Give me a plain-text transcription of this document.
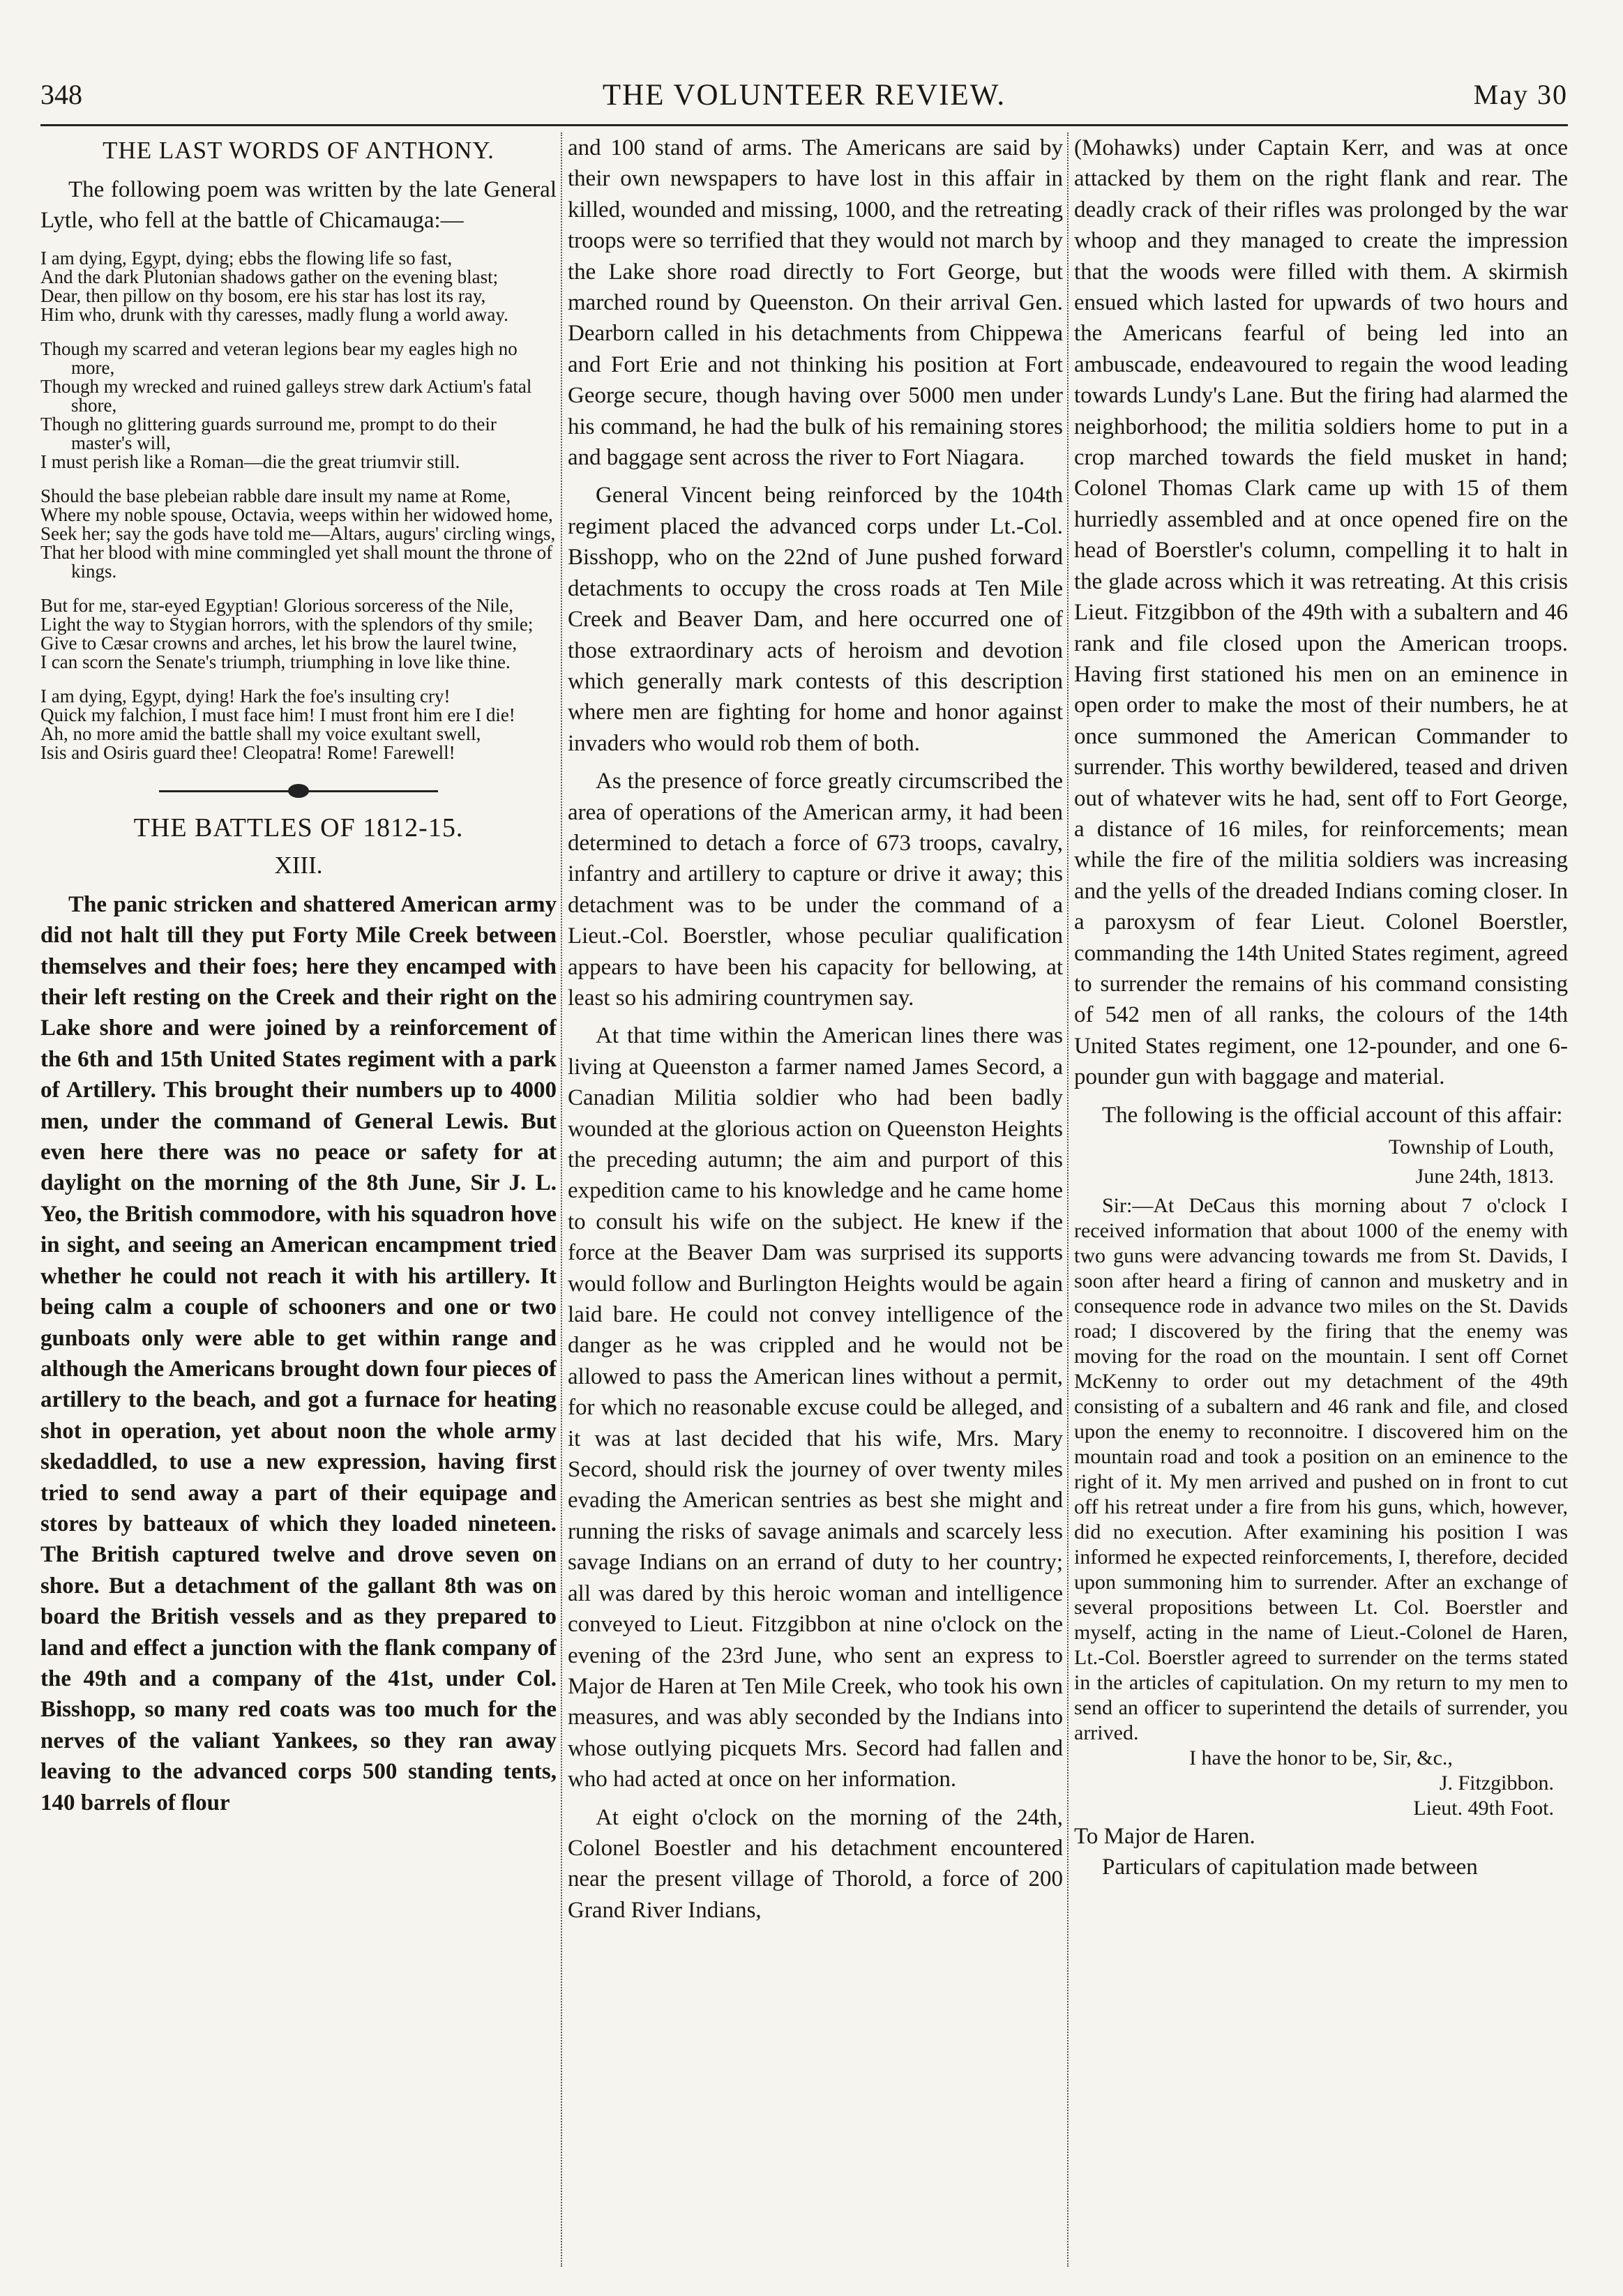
348	THE VOLUNTEER REVIEW.	May 30
THE LAST WORDS OF ANTHONY.

The following poem was written by the late General Lytle, who fell at the battle of Chicamauga:—

I am dying, Egypt, dying; ebbs the flowing life so fast,
And the dark Plutonian shadows gather on the evening blast;
Dear, then pillow on thy bosom, ere his star has lost its ray,
Him who, drunk with thy caresses, madly flung a world away.
Though my scarred and veteran legions bear my eagles high no more,
Though my wrecked and ruined galleys strew dark Actium's fatal shore,
Though no glittering guards surround me, prompt to do their master's will,
I must perish like a Roman—die the great triumvir still.
Should the base plebeian rabble dare insult my name at Rome,
Where my noble spouse, Octavia, weeps within her widowed home,
Seek her; say the gods have told me—Altars, augurs' circling wings,
That her blood with mine commingled yet shall mount the throne of kings.
But for me, star-eyed Egyptian! Glorious sorceress of the Nile,
Light the way to Stygian horrors, with the splendors of thy smile;
Give to Cæsar crowns and arches, let his brow the laurel twine,
I can scorn the Senate's triumph, triumphing in love like thine.
I am dying, Egypt, dying! Hark the foe's insulting cry!
Quick my falchion, I must face him! I must front him ere I die!
Ah, no more amid the battle shall my voice exultant swell,
Isis and Osiris guard thee! Cleopatra! Rome! Farewell!
THE BATTLES OF 1812-15.
XIII.

The panic stricken and shattered American army did not halt till they put Forty Mile Creek between themselves and their foes; here they encamped with their left resting on the Creek and their right on the Lake shore and were joined by a reinforcement of the 6th and 15th United States regiment with a park of Artillery. This brought their numbers up to 4000 men, under the command of General Lewis. But even here there was no peace or safety for at daylight on the morning of the 8th June, Sir J. L. Yeo, the British commodore, with his squadron hove in sight, and seeing an American encampment tried whether he could not reach it with his artillery. It being calm a couple of schooners and one or two gunboats only were able to get within range and although the Americans brought down four pieces of artillery to the beach, and got a furnace for heating shot in operation, yet about noon the whole army skedaddled, to use a new expression, having first tried to send away a part of their equipage and stores by batteaux of which they loaded nineteen. The British captured twelve and drove seven on shore. But a detachment of the gallant 8th was on board the British vessels and as they prepared to land and effect a junction with the flank company of the 49th and a company of the 41st, under Col. Bisshopp, so many red coats was too much for the nerves of the valiant Yankees, so they ran away leaving to the advanced corps 500 standing tents, 140 barrels of flour

and 100 stand of arms. The Americans are said by their own newspapers to have lost in this affair in killed, wounded and missing, 1000, and the retreating troops were so terrified that they would not march by the Lake shore road directly to Fort George, but marched round by Queenston. On their arrival Gen. Dearborn called in his detachments from Chippewa and Fort Erie and not thinking his position at Fort George secure, though having over 5000 men under his command, he had the bulk of his remaining stores and baggage sent across the river to Fort Niagara.

General Vincent being reinforced by the 104th regiment placed the advanced corps under Lt.-Col. Bisshopp, who on the 22nd of June pushed forward detachments to occupy the cross roads at Ten Mile Creek and Beaver Dam, and here occurred one of those extraordinary acts of heroism and devotion which generally mark contests of this description where men are fighting for home and honor against invaders who would rob them of both.

As the presence of force greatly circumscribed the area of operations of the American army, it had been determined to detach a force of 673 troops, cavalry, infantry and artillery to capture or drive it away; this detachment was to be under the command of a Lieut.-Col. Boerstler, whose peculiar qualification appears to have been his capacity for bellowing, at least so his admiring countrymen say.

At that time within the American lines there was living at Queenston a farmer named James Secord, a Canadian Militia soldier who had been badly wounded at the glorious action on Queenston Heights the preceding autumn; the aim and purport of this expedition came to his knowledge and he came home to consult his wife on the subject. He knew if the force at the Beaver Dam was surprised its supports would follow and Burlington Heights would be again laid bare. He could not convey intelligence of the danger as he was crippled and he would not be allowed to pass the American lines without a permit, for which no reasonable excuse could be alleged, and it was at last decided that his wife, Mrs. Mary Secord, should risk the journey of over twenty miles evading the American sentries as best she might and running the risks of savage animals and scarcely less savage Indians on an errand of duty to her country; all was dared by this heroic woman and intelligence conveyed to Lieut. Fitzgibbon at nine o'clock on the evening of the 23rd June, who sent an express to Major de Haren at Ten Mile Creek, who took his own measures, and was ably seconded by the Indians into whose outlying picquets Mrs. Secord had fallen and who had acted at once on her information.

At eight o'clock on the morning of the 24th, Colonel Boestler and his detachment encountered near the present village of Thorold, a force of 200 Grand River Indians,

(Mohawks) under Captain Kerr, and was at once attacked by them on the right flank and rear. The deadly crack of their rifles was prolonged by the war whoop and they managed to create the impression that the woods were filled with them. A skirmish ensued which lasted for upwards of two hours and the Americans fearful of being led into an ambuscade, endeavoured to regain the wood leading towards Lundy's Lane. But the firing had alarmed the neighborhood; the militia soldiers home to put in a crop marched towards the field musket in hand; Colonel Thomas Clark came up with 15 of them hurriedly assembled and at once opened fire on the head of Boerstler's column, compelling it to halt in the glade across which it was retreating. At this crisis Lieut. Fitzgibbon of the 49th with a subaltern and 46 rank and file closed upon the American troops. Having first stationed his men on an eminence in open order to make the most of their numbers, he at once summoned the American Commander to surrender. This worthy bewildered, teased and driven out of whatever wits he had, sent off to Fort George, a distance of 16 miles, for reinforcements; mean while the fire of the militia soldiers was increasing and the yells of the dreaded Indians coming closer. In a paroxysm of fear Lieut. Colonel Boerstler, commanding the 14th United States regiment, agreed to surrender the remains of his command consisting of 542 men of all ranks, the colours of the 14th United States regiment, one 12-pounder, and one 6-pounder gun with baggage and material.

The following is the official account of this affair:

Township of Louth,
June 24th, 1813.

Sir:—At DeCaus this morning about 7 o'clock I received information that about 1000 of the enemy with two guns were advancing towards me from St. Davids, I soon after heard a firing of cannon and musketry and in consequence rode in advance two miles on the St. Davids road; I discovered by the firing that the enemy was moving for the road on the mountain. I sent off Cornet McKenny to order out my detachment of the 49th consisting of a subaltern and 46 rank and file, and closed upon the enemy to reconnoitre. I discovered him on the mountain road and took a position on an eminence to the right of it. My men arrived and pushed on in front to cut off his retreat under a fire from his guns, which, however, did no execution. After examining his position I was informed he expected reinforcements, I, therefore, decided upon summoning him to surrender. After an exchange of several propositions between Lt. Col. Boerstler and myself, acting in the name of Lieut.-Colonel de Haren, Lt.-Col. Boerstler agreed to surrender on the terms stated in the articles of capitulation. On my return to my men to send an officer to superintend the details of surrender, you arrived.

I have the honor to be, Sir, &c.,
J. Fitzgibbon.
Lieut. 49th Foot.

To Major de Haren.

Particulars of capitulation made between
